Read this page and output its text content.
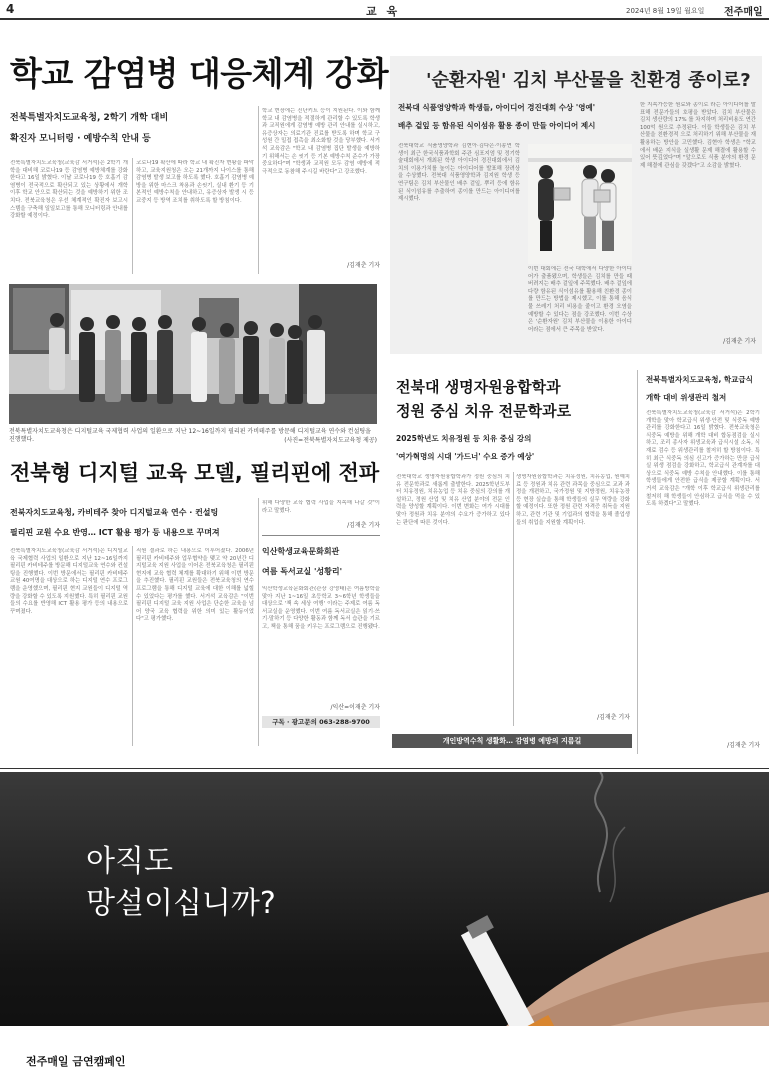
4	교 육	2024년 8월 19일 월요일 전주매일
학교 감염병 대응체계 강화
전북특별자치도교육청, 2학기 개학 대비
확진자 모니터링 · 예방수칙 안내 등
전북특별자치도교육청(교육감 서거석)은 2학기 개학을 대비해 코로나19 등 감염병 예방체계를 강화한다고 16일 밝혔다. 이날 코로나19 등 호흡기 감염병이 전국적으로 확산되고 있는 상황에서 개학 이후 학교 안으로 확산되는 것을 예방하기 위한 조치다. 전북교육청은 우선 체계적인 확진자 보고시스템을 구축해 일일보고를 통해 모니터링과 안내를 강화할 예정이다.
코로나19 확산에 따라 학교 내 확진자 현황을 파악하고, 교육지원청은 오는 21개까지 나이스를 통해 감염병 발생 보고를 하도록 했다. 호흡기 감염병 예방을 위한 마스크 착용과 손씻기, 실내 환기 등 기본적인 예방수칙을 안내하고, 유증상자 발생 시 등교중지 등 방역 조치를 취하도록 할 방침이다.
학교 현장에는 진단키트 등이 지원된다. 이와 함께 학교 내 감염병을 적절하게 관리할 수 있도록 학생과 교직원에게 감염병 예방 관리 안내를 실시하고, 유증상자는 의료기관 진료를 받도록 하며 학교 구성원 간 밀접 접촉을 최소화할 것을 당부했다. 서거석 교육감은 "학교 내 감염병 집단 발생을 예방하기 위해서는 손 씻기 등 기본 예방수칙 준수가 가장 중요하다"며 "학생과 교직원 모두 감염 예방에 적극적으로 동참해 주시길 바란다"고 강조했다.
/김재춘 기자
'순환자원' 김치 부산물을 친환경 종이로?
전북대 식품영양학과 학생들, 아이디어 경진대회 수상 '영예'
배추 겉잎 등 함유된 식이섬유 활용 종이 만들 아이디어 제시
전북대학교 식품영양학과 김현아·김다은·이송연 학생이 최근 한국식품과학회 주관 심포지엄 및 정기학술대회에서 개최된 학생 아이디어 경진대회에서 김치의 이용가치를 높이는 아이디어를 발표해 장려상을 수상했다. 전북대 식품영양학과 김지원 학생 등 연구팀은 김치 부산물인 배추 겉잎, 뿌리 등에 함유된 식이섬유를 추출하여 종이를 만드는 아이디어를 제시했다.
이번 대회에는 전국 대학에서 다양한 아이디어가 출품됐으며, 학생들은 김치를 만들 때 버려지는 배추 겉잎에 주목했다. 배추 겉잎에 다량 함유된 식이섬유를 활용해 친환경 종이를 만드는 방법을 제시했고, 이를 통해 음식물 쓰레기 처리 비용을 줄이고 환경 오염을 예방할 수 있다는 점을 강조했다. 이번 수상은 '순환자원' 김치 부산물을 이용한 아이디어라는 점에서 큰 주목을 받았다.
한 지속가능한 원료와 종이로 라는 아이디어를 발표해 전문가들의 호평을 받았다. 김치 부산물은 김치 생산량의 17% 를 차지하며 처리비용도 연간 100억 원으로 추정된다. 이들 학생들은 김치 부산물을 친환경적 으로 처리하기 위해 부산물을 재활용하는 방안을 고민했다. 김현아 학생은 "학교에서 배운 지식을 실생활 문제 해결에 활용할 수 있어 뜻깊었다"며 "앞으로도 식품 분야의 환경 문제 해결에 관심을 갖겠다"고 소감을 밝혔다.
/김재춘 기자
전북특별자치도교육청은 디지털교육 국제협력 사업의 일환으로 지난 12~16일까지 필리핀 카비테주를 방문해 디지털교육 연수와 컨설팅을 진행했다.	(사진=전북특별자치도교육청 제공)
전북형 디지털 교육 모델, 필리핀에 전파
전북자치도교육청, 카비테주 찾아 디지털교육 연수 · 컨설팅
필리핀 교원 수요 반영… ICT 활용 평가 등 내용으로 꾸며져
전북특별자치도교육청(교육감 서거석)은 디지털교육 국제협력 사업의 일환으로 지난 12~16일까지 필리핀 카비테주를 방문해 디지털교육 연수와 컨설팅을 진행했다. 이번 방문에서는 필리핀 카비테주 교원 40여명을 대상으로 하는 디지털 연수 프로그램을 운영했으며, 필리핀 현지 교원들이 디지털 역량을 강화할 수 있도록 지원했다. 특히 필리핀 교원들의 수요를 반영해 ICT 활용 평가 등의 내용으로 꾸며졌다.
직원 결과로 하는 내용으로 이루어졌다. 2006년 필리핀 카비테주와 업무협약을 맺고 약 20년간 디지털교육 지원 사업을 이어온 전북교육청은 필리핀 현지에 교육 협력 체계를 확대하기 위해 이번 방문을 추진했다. 필리핀 교원들은 전북교육청의 연수 프로그램을 통해 디지털 교육에 대한 이해를 넓힐 수 있었다는 평가를 했다. 서거석 교육감은 "이번 필리핀 디지털 교육 지원 사업은 단순한 교육을 넘어 양국 교육 협력을 위한 의미 있는 활동이었다"고 평가했다.
위해 다양한 교육 협력 사업을 지속해 나갈 것"이라고 말했다.
/김재춘 기자
익산학생교육문화회관
여름 독서교실 '성황리'
익산학생교육문화회관(관장 강영태)은 여름방학을 맞아 지난 1~16일 초등학교 3~6학년 학생들을 대상으로 '책 속 세상 여행' 이라는 주제로 여름 독서교실을 운영했다. 이번 여름 독서교실은 읽기·쓰기·말하기 등 다양한 활동과 함께 독서 습관을 기르고, 책을 통해 꿈을 키우는 프로그램으로 진행됐다.
/익산=이재춘 기자
구독 · 광고문의 063-288-9700
전북대 생명자원융합학과
정원 중심 치유 전문학과로
2025학년도 치유정원 등 치유 중심 강의
'여가혁명의 시대 '가드너' 수요 증가 예상'
전북대학교 생명자원융합학과가 정원 중심의 치유 전문학과로 새롭게 출발한다. 2025학년도부터 치유정원, 치유농업 등 치유 중심의 강의를 개설하고, 정원 산업 및 치유 산업 분야의 전문 인력을 양성할 계획이다. 이번 변화는 여가 시대를 맞아 정원과 치유 분야의 수요가 증가하고 있다는 판단에 따른 것이다.
생명자원융합학과는 치유정원, 치유농업, 원예치료 등 정원과 치유 관련 과목을 중심으로 교과 과정을 개편하고, 국가정원 및 지방정원, 치유농장 등 현장 실습을 통해 학생들의 실무 역량을 강화할 예정이다. 또한 정원 관련 자격증 취득을 지원하고, 관련 기관 및 기업과의 협력을 통해 졸업생들의 취업을 지원할 계획이다.
/김재춘 기자
개인방역수칙 생활화… 감염병 예방의 지름길
전북특별자치도교육청, 학교급식
개학 대비 위생관리 철저
전북특별자치도교육청(교육감 서거석)은 2학기 개학을 맞아 학교급식 위생·안전 및 식중독 예방관리를 강화한다고 16일 밝혔다. 전북교육청은 식중독 예방을 위해 개학 대비 합동점검을 실시하고, 조리 종사자 위생교육과 급식시설 소독, 식재료 검수 등 위생관리를 철저히 할 방침이다. 특히 최근 식중독 의심 신고가 증가하는 만큼 급식실 위생 점검을 강화하고, 학교급식 관계자를 대상으로 식중독 예방 수칙을 안내했다. 이를 통해 학생들에게 안전한 급식을 제공할 계획이다. 서거석 교육감은 "개학 이후 학교급식 위생관리를 철저히 해 학생들이 안심하고 급식을 먹을 수 있도록 하겠다"고 말했다.
/김재춘 기자
아직도
망설이십니까?
전주매일 금연캠페인
